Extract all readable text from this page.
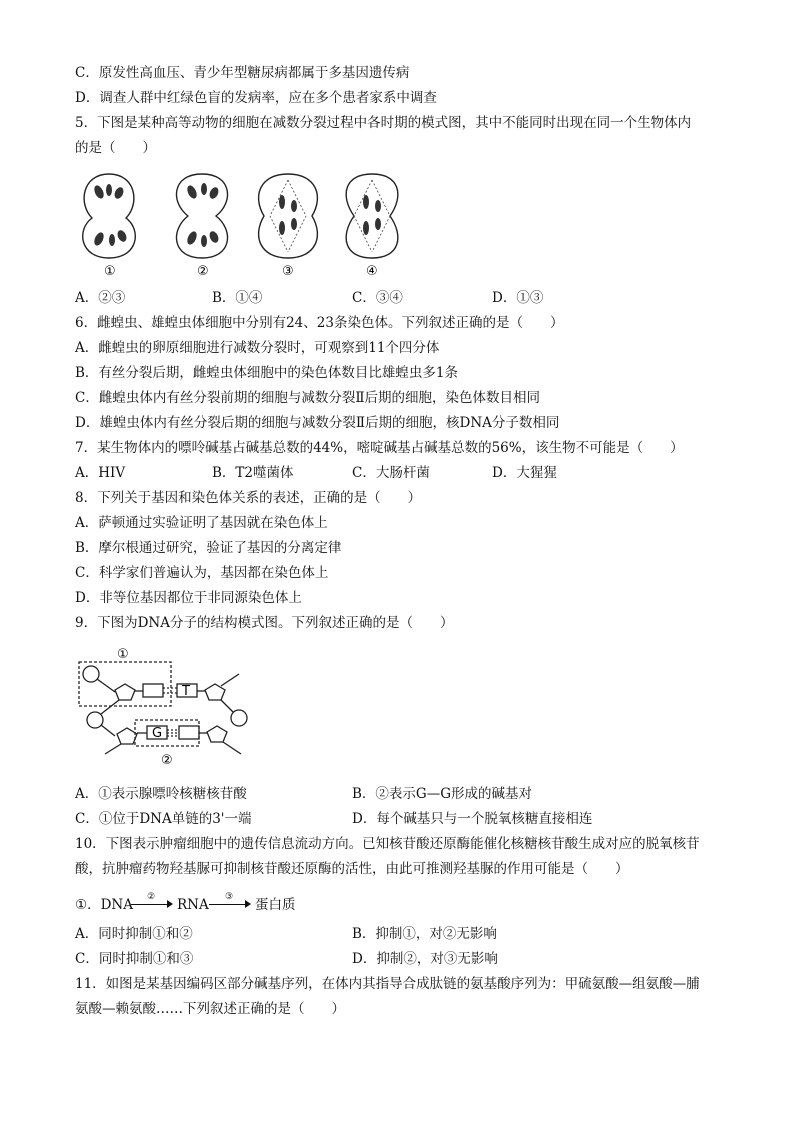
C．原发性高血压、青少年型糖尿病都属于多基因遗传病
D．调查人群中红绿色盲的发病率，应在多个患者家系中调查
5．下图是某种高等动物的细胞在减数分裂过程中各时期的模式图，其中不能同时出现在同一个生物体内
的是（　　）
①	②	③	④
A．②③	B．①④	C．③④	D．①③
6．雌蝗虫、雄蝗虫体细胞中分别有24、23条染色体。下列叙述正确的是（　　）
A．雌蝗虫的卵原细胞进行减数分裂时，可观察到11个四分体
B．有丝分裂后期，雌蝗虫体细胞中的染色体数目比雄蝗虫多1条
C．雌蝗虫体内有丝分裂前期的细胞与减数分裂Ⅱ后期的细胞，染色体数目相同
D．雄蝗虫体内有丝分裂后期的细胞与减数分裂Ⅱ后期的细胞，核DNA分子数相同
7．某生物体内的嘌呤碱基占碱基总数的44%，嘧啶碱基占碱基总数的56%，该生物不可能是（　　）
A．HIV	B．T2噬菌体	C．大肠杆菌	D．大猩猩
8．下列关于基因和染色体关系的表述，正确的是（　　）
A．萨顿通过实验证明了基因就在染色体上
B．摩尔根通过研究，验证了基因的分离定律
C．科学家们普遍认为，基因都在染色体上
D．非等位基因都位于非同源染色体上
9．下图为DNA分子的结构模式图。下列叙述正确的是（　　）
①
②
T
G
A．①表示腺嘌呤核糖核苷酸	B．②表示G—G形成的碱基对
C．①位于DNA单链的3'一端	D．每个碱基只与一个脱氧核糖直接相连
10．下图表示肿瘤细胞中的遗传信息流动方向。已知核苷酸还原酶能催化核糖核苷酸生成对应的脱氧核苷
酸，抗肿瘤药物羟基脲可抑制核苷酸还原酶的活性，由此可推测羟基脲的作用可能是（　　）
①．DNA ② RNA ③ 蛋白质
A．同时抑制①和②	B．抑制①，对②无影响
C．同时抑制①和③	D．抑制②，对③无影响
11．如图是某基因编码区部分碱基序列，在体内其指导合成肽链的氨基酸序列为：甲硫氨酸—组氨酸—脯
氨酸—赖氨酸……下列叙述正确的是（　　）
